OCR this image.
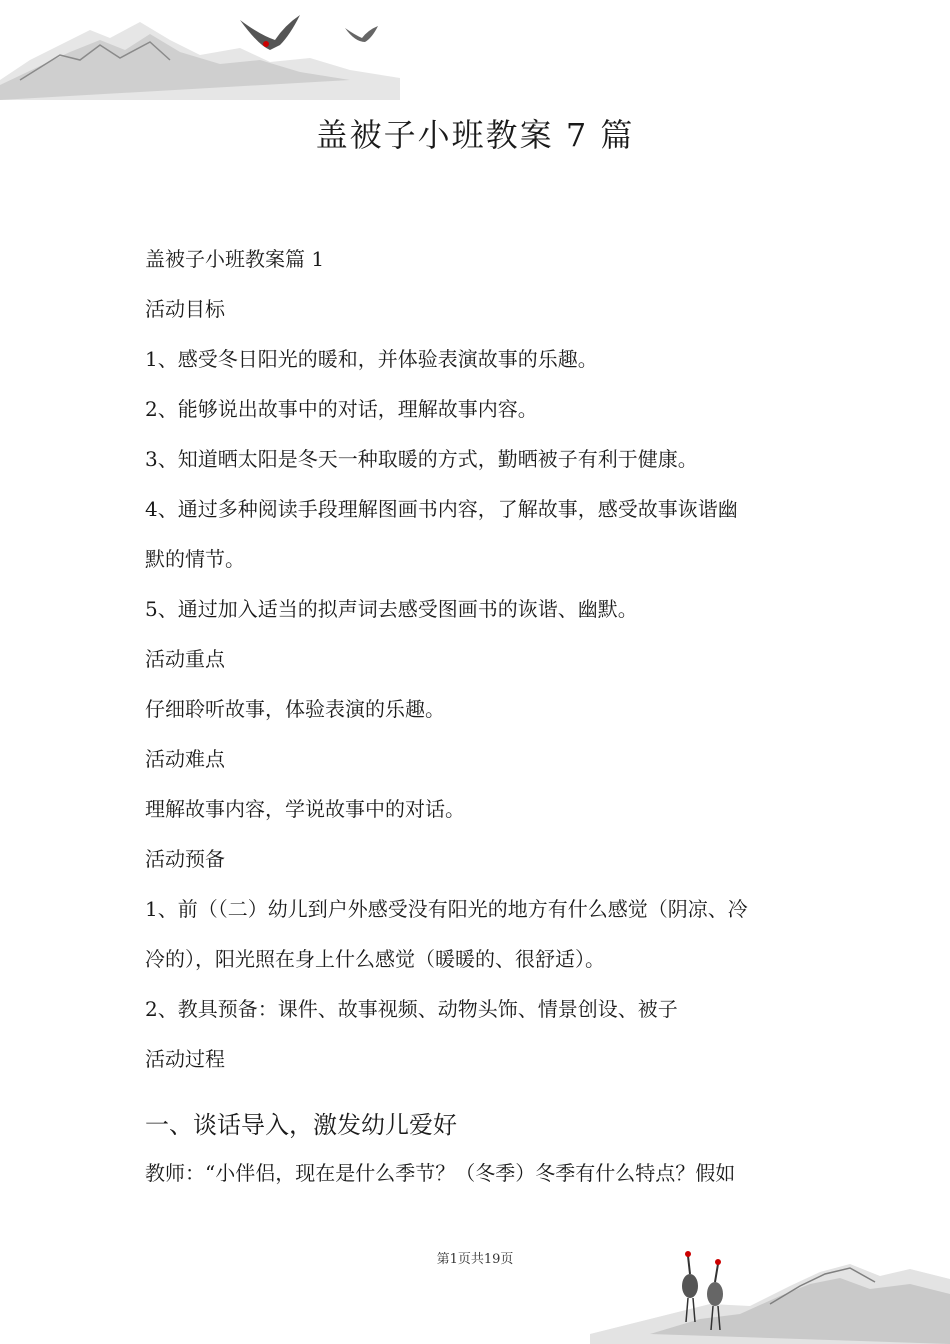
盖被子小班教案 7 篇
盖被子小班教案篇 1
活动目标
1、感受冬日阳光的暖和，并体验表演故事的乐趣。
2、能够说出故事中的对话，理解故事内容。
3、知道晒太阳是冬天一种取暖的方式，勤晒被子有利于健康。
4、通过多种阅读手段理解图画书内容，了解故事，感受故事诙谐幽
默的情节。
5、通过加入适当的拟声词去感受图画书的诙谐、幽默。
活动重点
仔细聆听故事，体验表演的乐趣。
活动难点
理解故事内容，学说故事中的对话。
活动预备
1、前（（二）幼儿到户外感受没有阳光的地方有什么感觉（阴凉、冷
冷的），阳光照在身上什么感觉（暖暖的、很舒适）。
2、教具预备：课件、故事视频、动物头饰、情景创设、被子
活动过程
一、谈话导入，激发幼儿爱好
教师：“小伴侣，现在是什么季节？（冬季）冬季有什么特点？假如
第1页共19页
